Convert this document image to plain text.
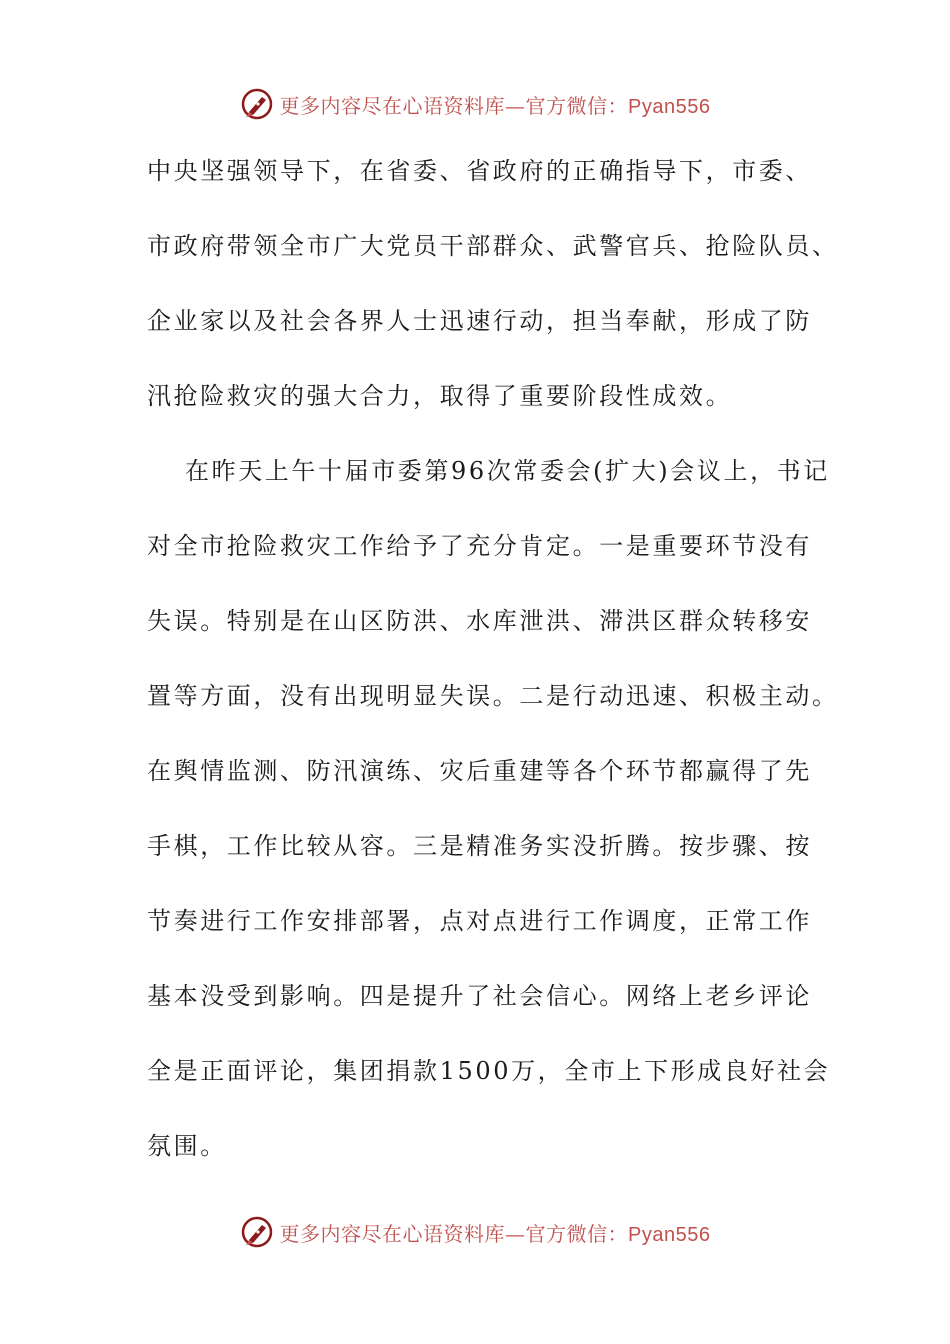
更多内容尽在心语资料库—官方微信：Pyan556
中央坚强领导下，在省委、省政府的正确指导下，市委、
市政府带领全市广大党员干部群众、武警官兵、抢险队员、
企业家以及社会各界人士迅速行动，担当奉献，形成了防
汛抢险救灾的强大合力，取得了重要阶段性成效。
在昨天上午十届市委第96次常委会(扩大)会议上，书记
对全市抢险救灾工作给予了充分肯定。一是重要环节没有
失误。特别是在山区防洪、水库泄洪、滞洪区群众转移安
置等方面，没有出现明显失误。二是行动迅速、积极主动。
在舆情监测、防汛演练、灾后重建等各个环节都赢得了先
手棋，工作比较从容。三是精准务实没折腾。按步骤、按
节奏进行工作安排部署，点对点进行工作调度，正常工作
基本没受到影响。四是提升了社会信心。网络上老乡评论
全是正面评论，集团捐款1500万，全市上下形成良好社会
氛围。
更多内容尽在心语资料库—官方微信：Pyan556
